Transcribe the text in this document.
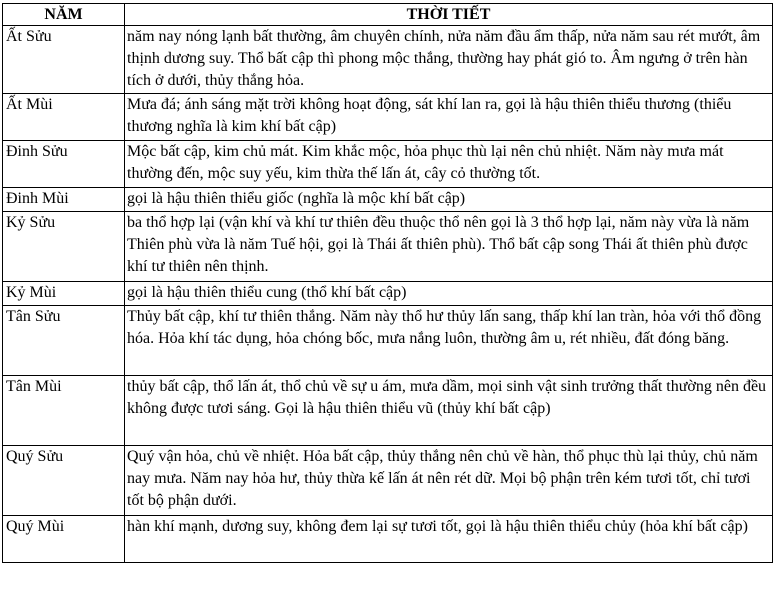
NĂM	THỜI TIẾT
Ất Sửu	năm nay nóng lạnh bất thường, âm chuyên chính, nửa năm đầu ẩm thấp, nửa năm sau rét mướt, âm thịnh dương suy. Thổ bất cập thì phong mộc thắng, thường hay phát gió to. Âm ngưng ở trên hàn tích ở dưới, thủy thắng hỏa.
Ất Mùi	Mưa đá; ánh sáng mặt trời không hoạt động, sát khí lan ra, gọi là hậu thiên thiểu thương (thiểu thương nghĩa là kim khí bất cập)
Đinh Sửu	Mộc bất cập, kim chủ mát. Kim khắc mộc, hỏa phục thù lại nên chủ nhiệt. Năm này mưa mát thường đến, mộc suy yếu, kim thừa thế lấn át, cây cỏ thường tốt.
Đinh Mùi	gọi là hậu thiên thiểu giốc (nghĩa là mộc khí bất cập)
Kỷ Sửu	ba thổ hợp lại (vận khí và khí tư thiên đều thuộc thổ nên gọi là 3 thổ hợp lại, năm này vừa là năm Thiên phù vừa là năm Tuế hội, gọi là Thái ất thiên phù). Thổ bất cập song Thái ất thiên phù được khí tư thiên nên thịnh.
Kỷ Mùi	gọi là hậu thiên thiểu cung (thổ khí bất cập)
Tân Sửu	Thủy bất cập, khí tư thiên thắng. Năm này thổ hư thủy lấn sang, thấp khí lan tràn, hỏa với thổ đồng hóa. Hỏa khí tác dụng, hỏa chóng bốc, mưa nắng luôn, thường âm u, rét nhiều, đất đóng băng.
Tân Mùi	thủy bất cập, thổ lấn át, thổ chủ về sự u ám, mưa dầm, mọi sinh vật sinh trưởng thất thường nên đều không được tươi sáng. Gọi là hậu thiên thiểu vũ (thủy khí bất cập)
Quý Sửu	Quý vận hỏa, chủ về nhiệt. Hỏa bất cập, thủy thắng nên chủ về hàn, thổ phục thù lại thủy, chủ năm nay mưa. Năm nay hỏa hư, thủy thừa kế lấn át nên rét dữ. Mọi bộ phận trên kém tươi tốt, chỉ tươi tốt bộ phận dưới.
Quý Mùi	hàn khí mạnh, dương suy, không đem lại sự tươi tốt, gọi là hậu thiên thiểu chủy (hỏa khí bất cập)
